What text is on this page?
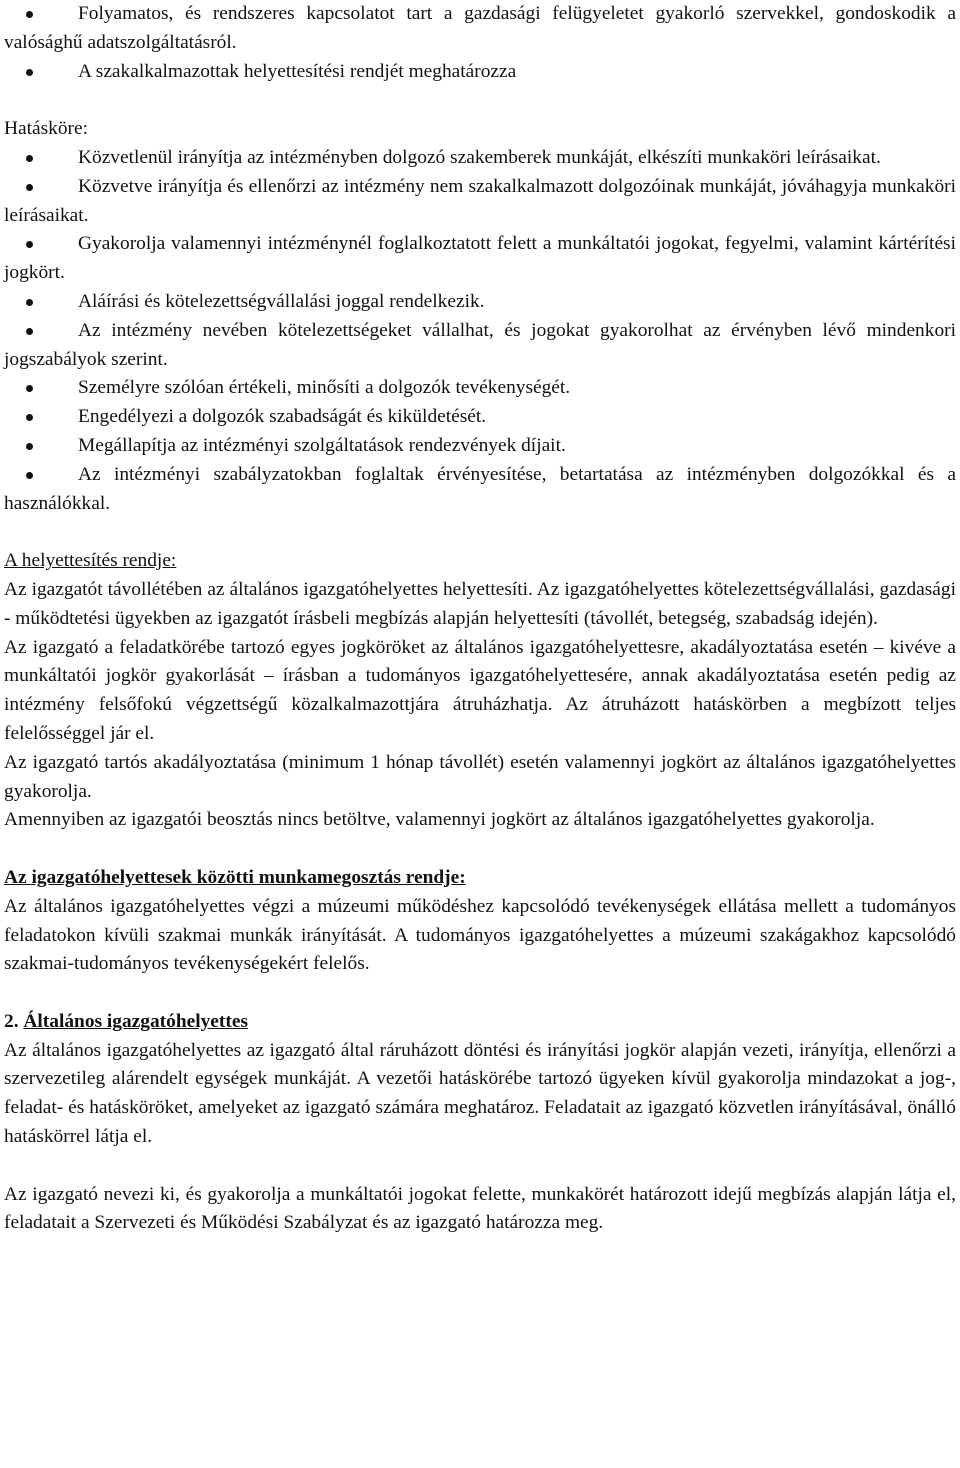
Folyamatos, és rendszeres kapcsolatot tart a gazdasági felügyeletet gyakorló szervekkel, gondoskodik a valósághű adatszolgáltatásról.

A szakalkalmazottak helyettesítési rendjét meghatározza

Hatásköre:

Közvetlenül irányítja az intézményben dolgozó szakemberek munkáját, elkészíti munkaköri leírásaikat.

Közvetve irányítja és ellenőrzi az intézmény nem szakalkalmazott dolgozóinak munkáját, jóváhagyja munkaköri leírásaikat.

Gyakorolja valamennyi intézménynél foglalkoztatott felett a munkáltatói jogokat, fegyelmi, valamint kártérítési jogkört.

Aláírási és kötelezettségvállalási joggal rendelkezik.

Az intézmény nevében kötelezettségeket vállalhat, és jogokat gyakorolhat az érvényben lévő mindenkori jogszabályok szerint.

Személyre szólóan értékeli, minősíti a dolgozók tevékenységét.

Engedélyezi a dolgozók szabadságát és kiküldetését.

Megállapítja az intézményi szolgáltatások rendezvények díjait.

Az intézményi szabályzatokban foglaltak érvényesítése, betartatása az intézményben dolgozókkal és a használókkal.

A helyettesítés rendje:

Az igazgatót távollétében az általános igazgatóhelyettes helyettesíti. Az igazgatóhelyettes kötelezettségvállalási, gazdasági - működtetési ügyekben az igazgatót írásbeli megbízás alapján helyettesíti (távollét, betegség, szabadság idején).

Az igazgató a feladatkörébe tartozó egyes jogköröket az általános igazgatóhelyettesre, akadályoztatása esetén – kivéve a munkáltatói jogkör gyakorlását – írásban a tudományos igazgatóhelyettesére, annak akadályoztatása esetén pedig az intézmény felsőfokú végzettségű közalkalmazottjára átruházhatja. Az átruházott hatáskörben a megbízott teljes felelősséggel jár el.

Az igazgató tartós akadályoztatása (minimum 1 hónap távollét) esetén valamennyi jogkört az általános igazgatóhelyettes gyakorolja.

Amennyiben az igazgatói beosztás nincs betöltve, valamennyi jogkört az általános igazgatóhelyettes gyakorolja.

Az igazgatóhelyettesek közötti munkamegosztás rendje:

Az általános igazgatóhelyettes végzi a múzeumi működéshez kapcsolódó tevékenységek ellátása mellett a tudományos feladatokon kívüli szakmai munkák irányítását. A tudományos igazgatóhelyettes a múzeumi szakágakhoz kapcsolódó szakmai-tudományos tevékenységekért felelős.

2. Általános igazgatóhelyettes

Az általános igazgatóhelyettes az igazgató által ráruházott döntési és irányítási jogkör alapján vezeti, irányítja, ellenőrzi a szervezetileg alárendelt egységek munkáját. A vezetői hatáskörébe tartozó ügyeken kívül gyakorolja mindazokat a jog-, feladat- és hatásköröket, amelyeket az igazgató számára meghatároz. Feladatait az igazgató közvetlen irányításával, önálló hatáskörrel látja el.

Az igazgató nevezi ki, és gyakorolja a munkáltatói jogokat felette, munkakörét határozott idejű megbízás alapján látja el, feladatait a Szervezeti és Működési Szabályzat és az igazgató határozza meg.
